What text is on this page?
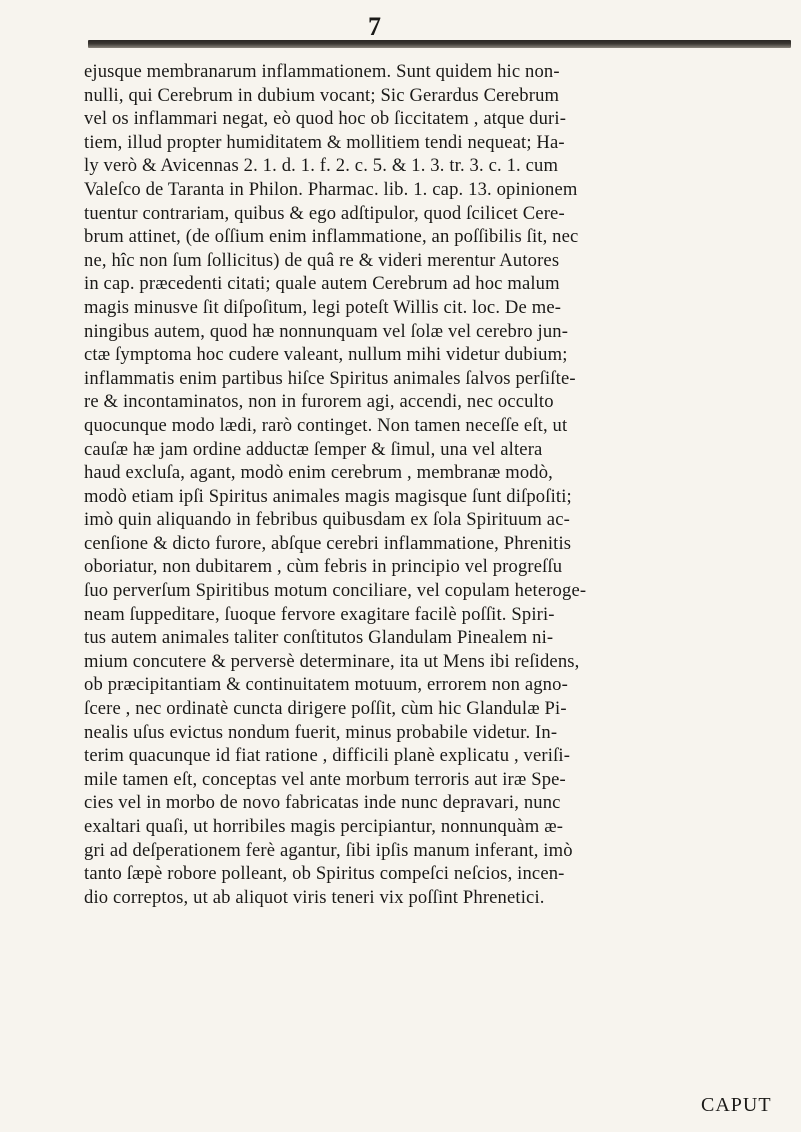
7
ejusque membranarum inflammationem. Sunt quidem hic non-
nulli, qui Cerebrum in dubium vocant; Sic Gerardus Cerebrum
vel os inflammari negat, eò quod hoc ob ſiccitatem , atque duri-
tiem, illud propter humiditatem & mollitiem tendi nequeat; Ha-
ly verò & Avicennas 2. 1. d. 1. f. 2. c. 5. & 1. 3. tr. 3. c. 1. cum
Valeſco de Taranta in Philon. Pharmac. lib. 1. cap. 13. opinionem
tuentur contrariam, quibus & ego adſtipulor, quod ſcilicet Cere-
brum attinet, (de oſſium enim inflammatione, an poſſibilis ſit, nec
ne, hîc non ſum ſollicitus) de quâ re & videri merentur Autores
in cap. præcedenti citati; quale autem Cerebrum ad hoc malum
magis minusve ſit diſpoſitum, legi poteſt Willis cit. loc. De me-
ningibus autem, quod hæ nonnunquam vel ſolæ vel cerebro jun-
ctæ ſymptoma hoc cudere valeant, nullum mihi videtur dubium;
inflammatis enim partibus hiſce Spiritus animales ſalvos perſiſte-
re & incontaminatos, non in furorem agi, accendi, nec occulto
quocunque modo lædi, rarò continget. Non tamen neceſſe eſt, ut
cauſæ hæ jam ordine adductæ ſemper & ſimul, una vel altera
haud excluſa, agant, modò enim cerebrum , membranæ modò,
modò etiam ipſi Spiritus animales magis magisque ſunt diſpoſiti;
imò quin aliquando in febribus quibusdam ex ſola Spirituum ac-
cenſione & dicto furore, abſque cerebri inflammatione, Phrenitis
oboriatur, non dubitarem , cùm febris in principio vel progreſſu
ſuo perverſum Spiritibus motum conciliare, vel copulam heteroge-
neam ſuppeditare, ſuoque fervore exagitare facilè poſſit. Spiri-
tus autem animales taliter conſtitutos Glandulam Pinealem ni-
mium concutere & perversè determinare, ita ut Mens ibi reſidens,
ob præcipitantiam & continuitatem motuum, errorem non agno-
ſcere , nec ordinatè cuncta dirigere poſſit, cùm hic Glandulæ Pi-
nealis uſus evictus nondum fuerit, minus probabile videtur. In-
terim quacunque id fiat ratione , difficili planè explicatu , veriſi-
mile tamen eſt, conceptas vel ante morbum terroris aut iræ Spe-
cies vel in morbo de novo fabricatas inde nunc depravari, nunc
exaltari quaſi, ut horribiles magis percipiantur, nonnunquàm æ-
gri ad deſperationem ferè agantur, ſibi ipſis manum inferant, imò
tanto ſæpè robore polleant, ob Spiritus compeſci neſcios, incen-
dio correptos, ut ab aliquot viris teneri vix poſſint Phrenetici.
CAPUT
